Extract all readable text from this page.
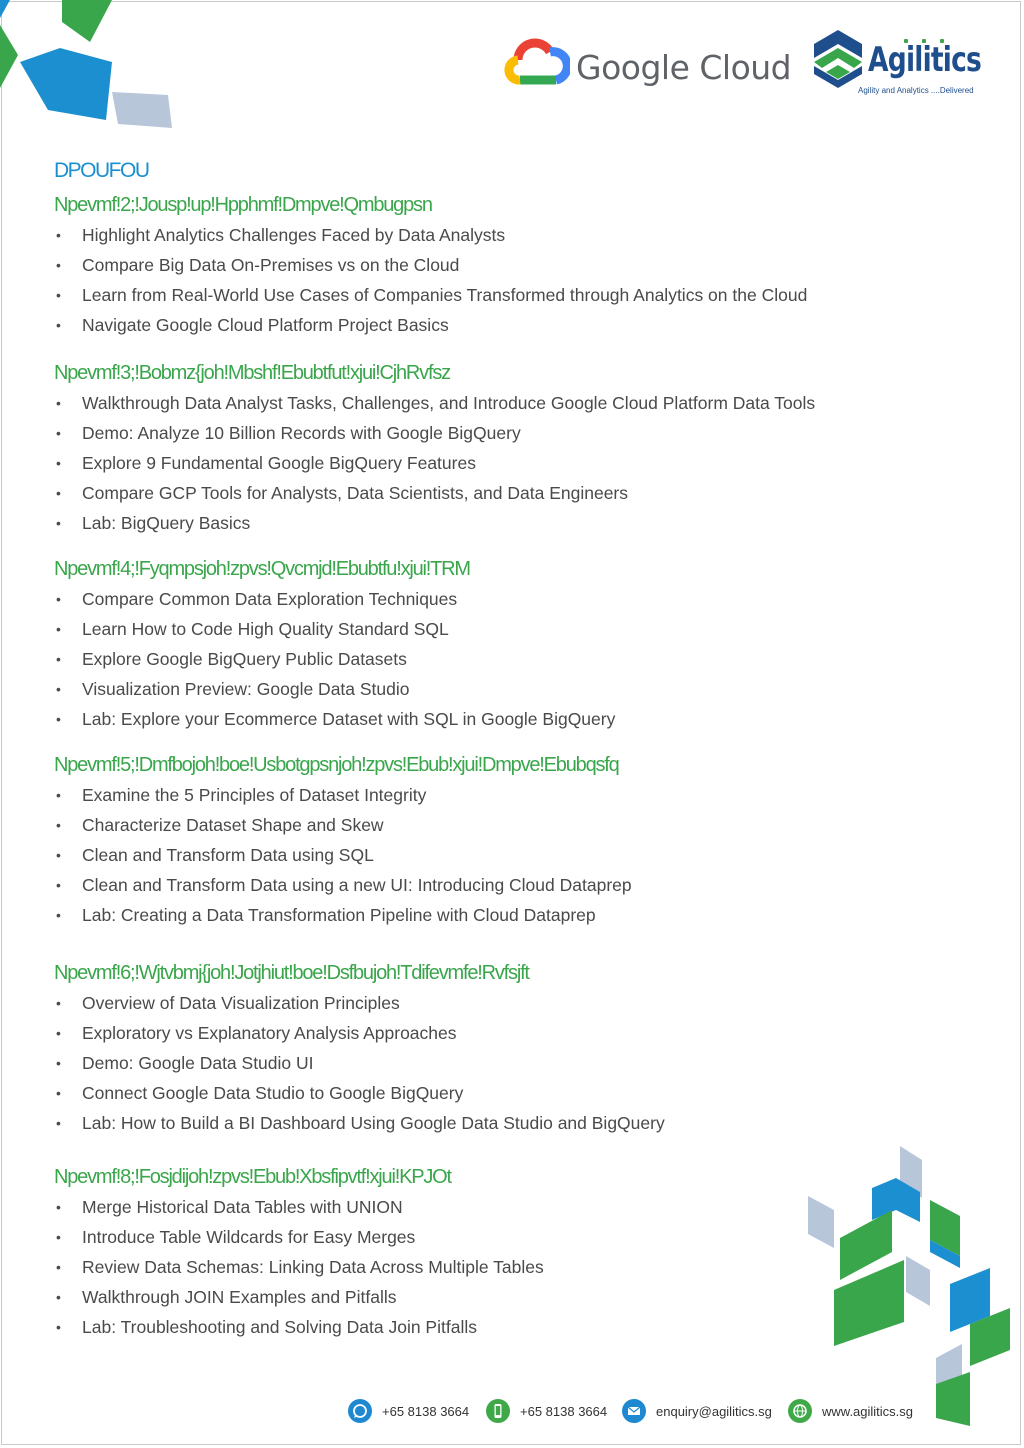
Google Cloud Agilitics
Agility and Analytics ....Delivered
DPOUFOU
Npevmf!2;!Jousp!up!Hpphmf!Dmpve!Qmbugpsn
• Highlight Analytics Challenges Faced by Data Analysts
• Compare Big Data On-Premises vs on the Cloud
• Learn from Real-World Use Cases of Companies Transformed through Analytics on the Cloud
• Navigate Google Cloud Platform Project Basics
Npevmf!3;!Bobmz{joh!Mbshf!Ebubtfut!xjui!CjhRvfsz
• Walkthrough Data Analyst Tasks, Challenges, and Introduce Google Cloud Platform Data Tools
• Demo: Analyze 10 Billion Records with Google BigQuery
• Explore 9 Fundamental Google BigQuery Features
• Compare GCP Tools for Analysts, Data Scientists, and Data Engineers
• Lab: BigQuery Basics
Npevmf!4;!Fyqmpsjoh!zpvs!Qvcmjd!Ebubtfu!xjui!TRM
• Compare Common Data Exploration Techniques
• Learn How to Code High Quality Standard SQL
• Explore Google BigQuery Public Datasets
• Visualization Preview: Google Data Studio
• Lab: Explore your Ecommerce Dataset with SQL in Google BigQuery
Npevmf!5;!Dmfbojoh!boe!Usbotgpsnjoh!zpvs!Ebub!xjui!Dmpve!Ebubqsfq
• Examine the 5 Principles of Dataset Integrity
• Characterize Dataset Shape and Skew
• Clean and Transform Data using SQL
• Clean and Transform Data using a new UI: Introducing Cloud Dataprep
• Lab: Creating a Data Transformation Pipeline with Cloud Dataprep
Npevmf!6;!Wjtvbmj{joh!Jotjhiut!boe!Dsfbujoh!Tdifevmfe!Rvfsjft
• Overview of Data Visualization Principles
• Exploratory vs Explanatory Analysis Approaches
• Demo: Google Data Studio UI
• Connect Google Data Studio to Google BigQuery
• Lab: How to Build a BI Dashboard Using Google Data Studio and BigQuery
Npevmf!8;!Fosjdijoh!zpvs!Ebub!Xbsfipvtf!xjui!KPJOt
• Merge Historical Data Tables with UNION
• Introduce Table Wildcards for Easy Merges
• Review Data Schemas: Linking Data Across Multiple Tables
• Walkthrough JOIN Examples and Pitfalls
• Lab: Troubleshooting and Solving Data Join Pitfalls
+65 8138 3664	+65 8138 3664	enquiry@agilitics.sg	www.agilitics.sg
